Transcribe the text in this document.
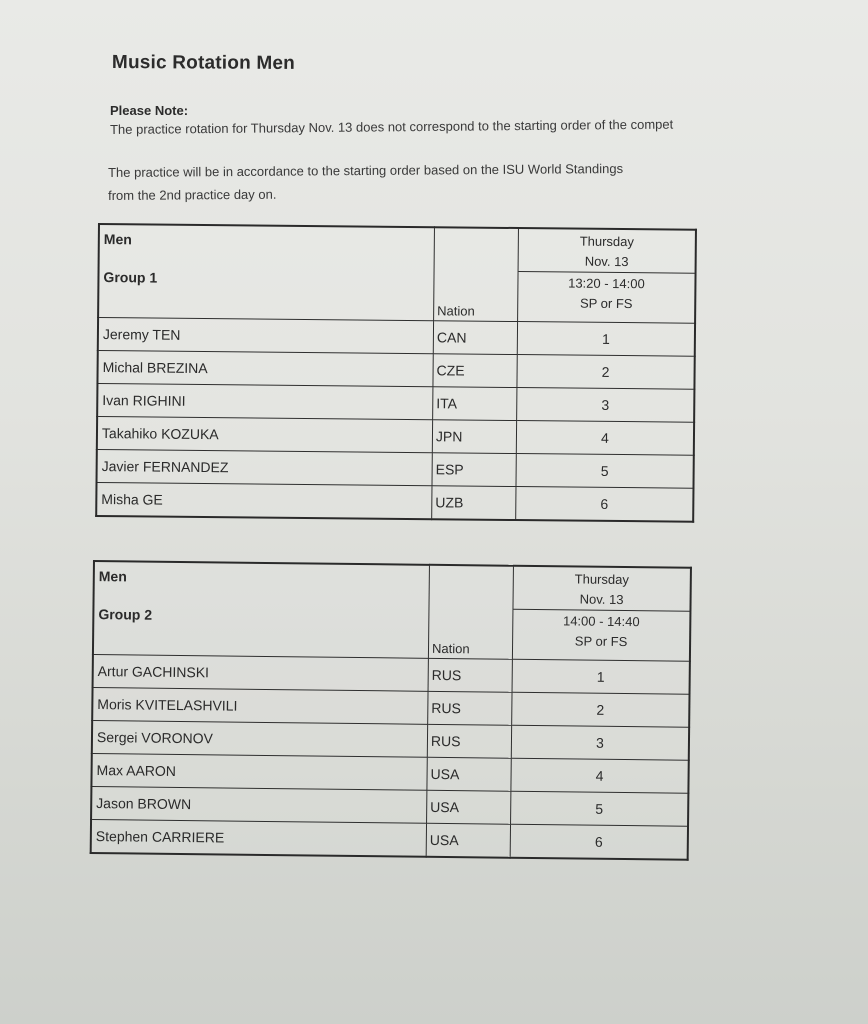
Music Rotation Men
Please Note:
The practice rotation for Thursday Nov. 13 does not correspond to the starting order of the compet
The practice will be in accordance to the starting order based on the ISU World Standings
from the 2nd practice day on.
Men
Group 1	Nation	Thursday
Nov. 13
13:20 - 14:00
SP or FS

Jeremy TEN	CAN	1
Michal BREZINA	CZE	2
Ivan RIGHINI	ITA	3
Takahiko KOZUKA	JPN	4
Javier FERNANDEZ	ESP	5
Misha GE	UZB	6
Men
Group 2	Nation	Thursday
Nov. 13
14:00 - 14:40
SP or FS

Artur GACHINSKI	RUS	1
Moris KVITELASHVILI	RUS	2
Sergei VORONOV	RUS	3
Max AARON	USA	4
Jason BROWN	USA	5
Stephen CARRIERE	USA	6
